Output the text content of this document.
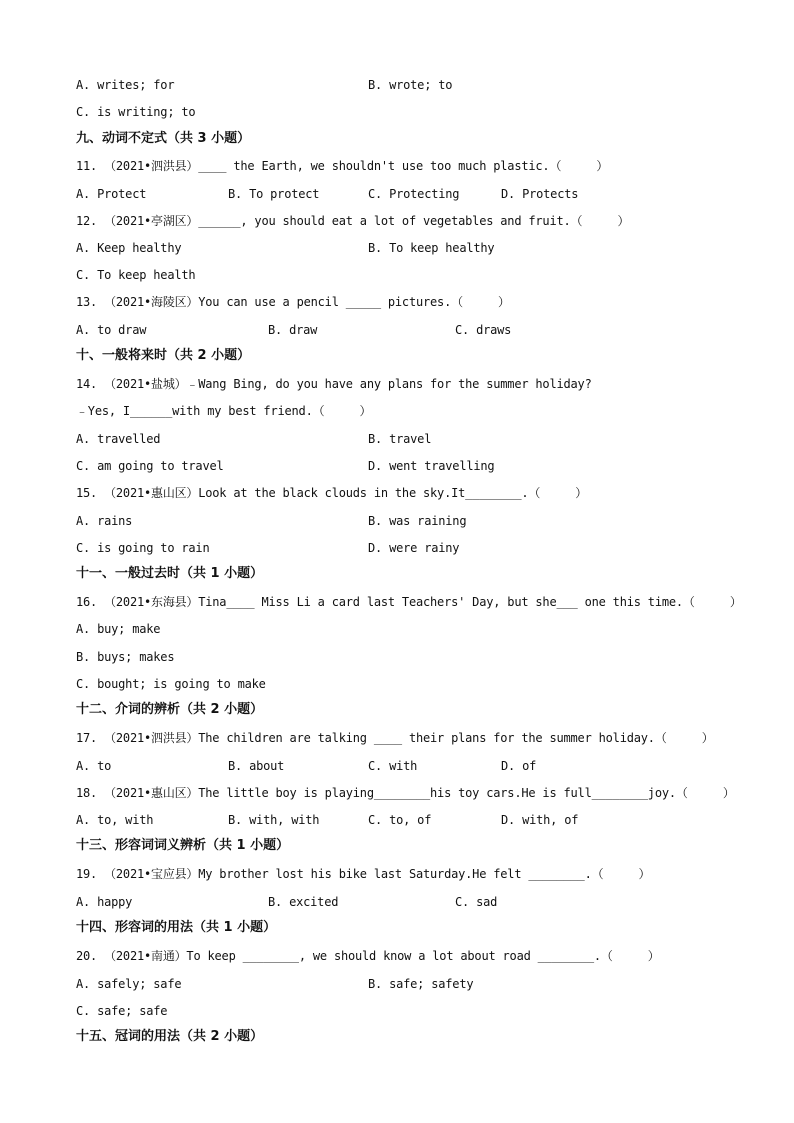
A. writes; for	B. wrote; to
C. is writing; to
九、动词不定式（共 3 小题）
11. （2021•泗洪县）____ the Earth, we shouldn't use too much plastic.（     ）
A. Protect	B. To protect	C. Protecting	D. Protects
12. （2021•亭湖区）______, you should eat a lot of vegetables and fruit.（     ）
A. Keep healthy	B. To keep healthy
C. To keep health
13. （2021•海陵区）You can use a pencil _____ pictures.（     ）
A. to draw	B. draw	C. draws
十、一般将来时（共 2 小题）
14. （2021•盐城）﹣Wang Bing, do you have any plans for the summer holiday?
﹣Yes, I______with my best friend.（     ）
A. travelled	B. travel
C. am going to travel	D. went travelling
15. （2021•惠山区）Look at the black clouds in the sky.It________.（     ）
A. rains	B. was raining
C. is going to rain	D. were rainy
十一、一般过去时（共 1 小题）
16. （2021•东海县）Tina____ Miss Li a card last Teachers' Day, but she___ one this time.（     ）
A. buy; make
B. buys; makes
C. bought; is going to make
十二、介词的辨析（共 2 小题）
17. （2021•泗洪县）The children are talking ____ their plans for the summer holiday.（     ）
A. to	B. about	C. with	D. of
18. （2021•惠山区）The little boy is playing________his toy cars.He is full________joy.（     ）
A. to, with	B. with, with	C. to, of	D. with, of
十三、形容词词义辨析（共 1 小题）
19. （2021•宝应县）My brother lost his bike last Saturday.He felt ________.（     ）
A. happy	B. excited	C. sad
十四、形容词的用法（共 1 小题）
20. （2021•南通）To keep ________, we should know a lot about road ________.（     ）
A. safely; safe	B. safe; safety
C. safe; safe
十五、冠词的用法（共 2 小题）
